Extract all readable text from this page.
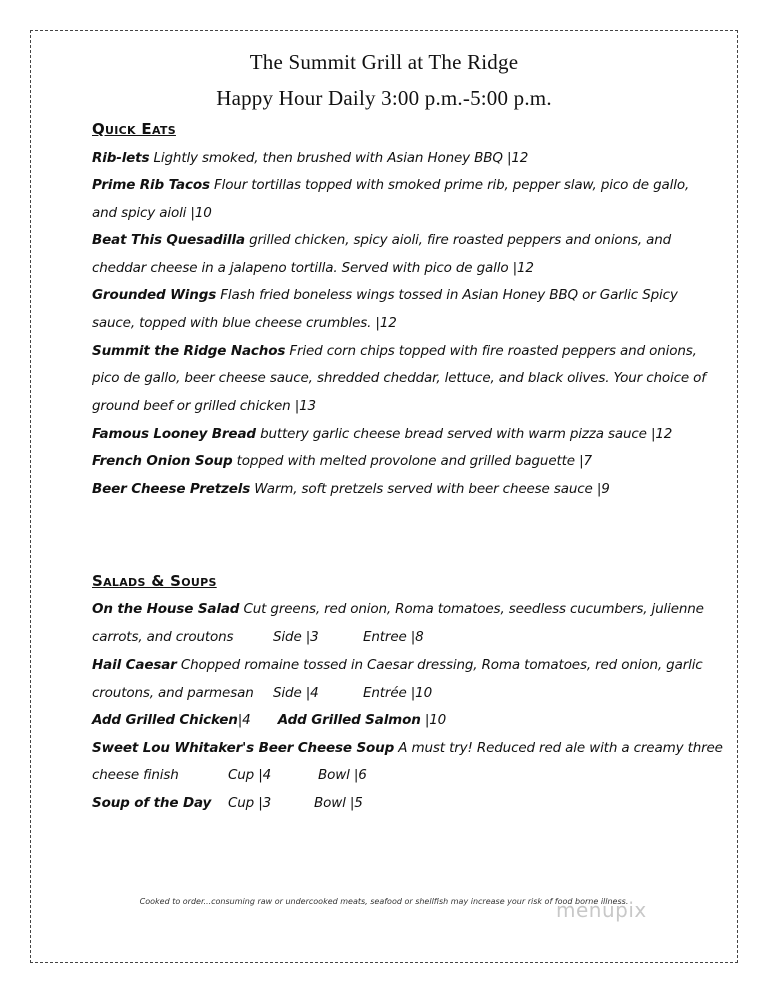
The Summit Grill at The Ridge
Happy Hour Daily 3:00 p.m.-5:00 p.m.
Quick Eats
Rib-lets Lightly smoked, then brushed with Asian Honey BBQ |12
Prime Rib Tacos Flour tortillas topped with smoked prime rib, pepper slaw, pico de gallo,
and spicy aioli |10
Beat This Quesadilla grilled chicken, spicy aioli, fire roasted peppers and onions, and
cheddar cheese in a jalapeno tortilla. Served with pico de gallo |12
Grounded Wings Flash fried boneless wings tossed in Asian Honey BBQ or Garlic Spicy
sauce, topped with blue cheese crumbles. |12
Summit the Ridge Nachos Fried corn chips topped with fire roasted peppers and onions,
pico de gallo, beer cheese sauce, shredded cheddar, lettuce, and black olives. Your choice of
ground beef or grilled chicken |13
Famous Looney Bread buttery garlic cheese bread served with warm pizza sauce |12
French Onion Soup topped with melted provolone and grilled baguette |7
Beer Cheese Pretzels Warm, soft pretzels served with beer cheese sauce |9
Salads & Soups
On the House Salad Cut greens, red onion, Roma tomatoes, seedless cucumbers, julienne
carrots, and croutons	Side |3	Entree |8
Hail Caesar Chopped romaine tossed in Caesar dressing, Roma tomatoes, red onion, garlic
croutons, and parmesan Side |4	Entrée |10
Add Grilled Chicken|4 Add Grilled Salmon |10
Sweet Lou Whitaker's Beer Cheese Soup A must try! Reduced red ale with a creamy three
cheese finish	Cup |4	Bowl |6
Soup of the Day Cup |3	Bowl |5
Cooked to order...consuming raw or undercooked meats, seafood or shellfish may increase your risk of food borne illness.
menupix
